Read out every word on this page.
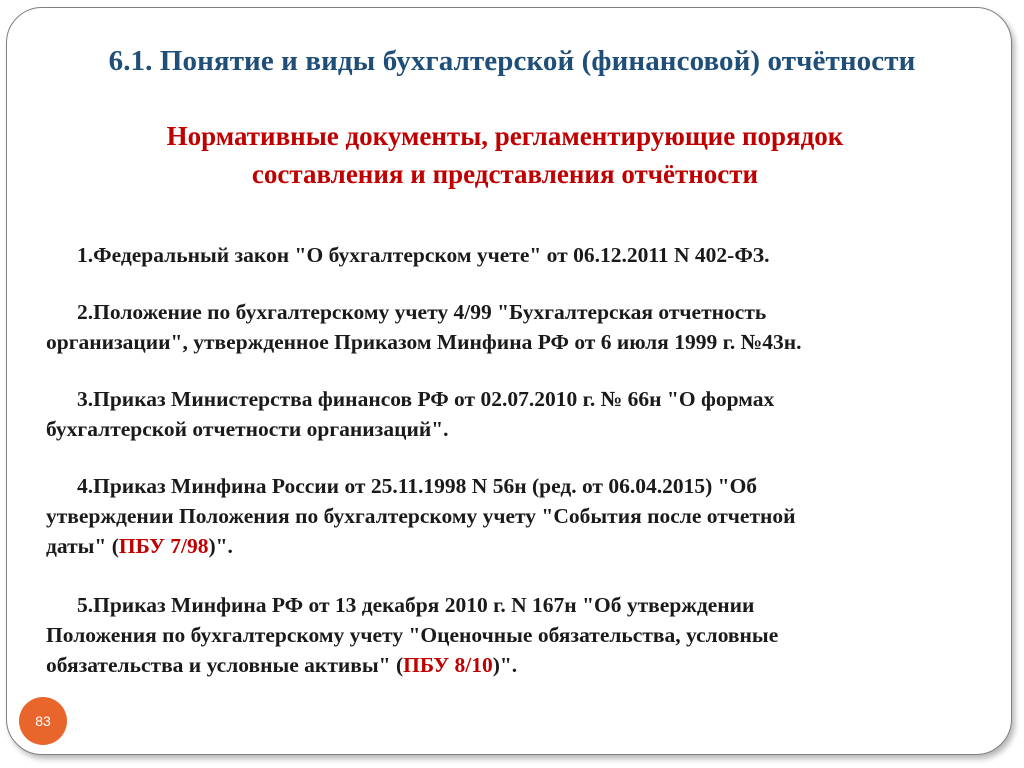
6.1. Понятие и виды бухгалтерской (финансовой) отчётности
Нормативные документы, регламентирующие порядок
составления и представления отчётности
1.Федеральный закон "О бухгалтерском учете" от 06.12.2011 N 402-ФЗ.
2.Положение по бухгалтерскому учету 4/99 "Бухгалтерская отчетность
организации", утвержденное Приказом Минфина РФ от 6 июля 1999 г. №43н.
3.Приказ Министерства финансов РФ от 02.07.2010 г. № 66н "О формах
бухгалтерской отчетности организаций".
4.Приказ Минфина России от 25.11.1998 N 56н (ред. от 06.04.2015) "Об
утверждении Положения по бухгалтерскому учету "События после отчетной
даты" (ПБУ 7/98)".
5.Приказ Минфина РФ от 13 декабря 2010 г. N 167н "Об утверждении
Положения по бухгалтерскому учету "Оценочные обязательства, условные
обязательства и условные активы" (ПБУ 8/10)".
83
